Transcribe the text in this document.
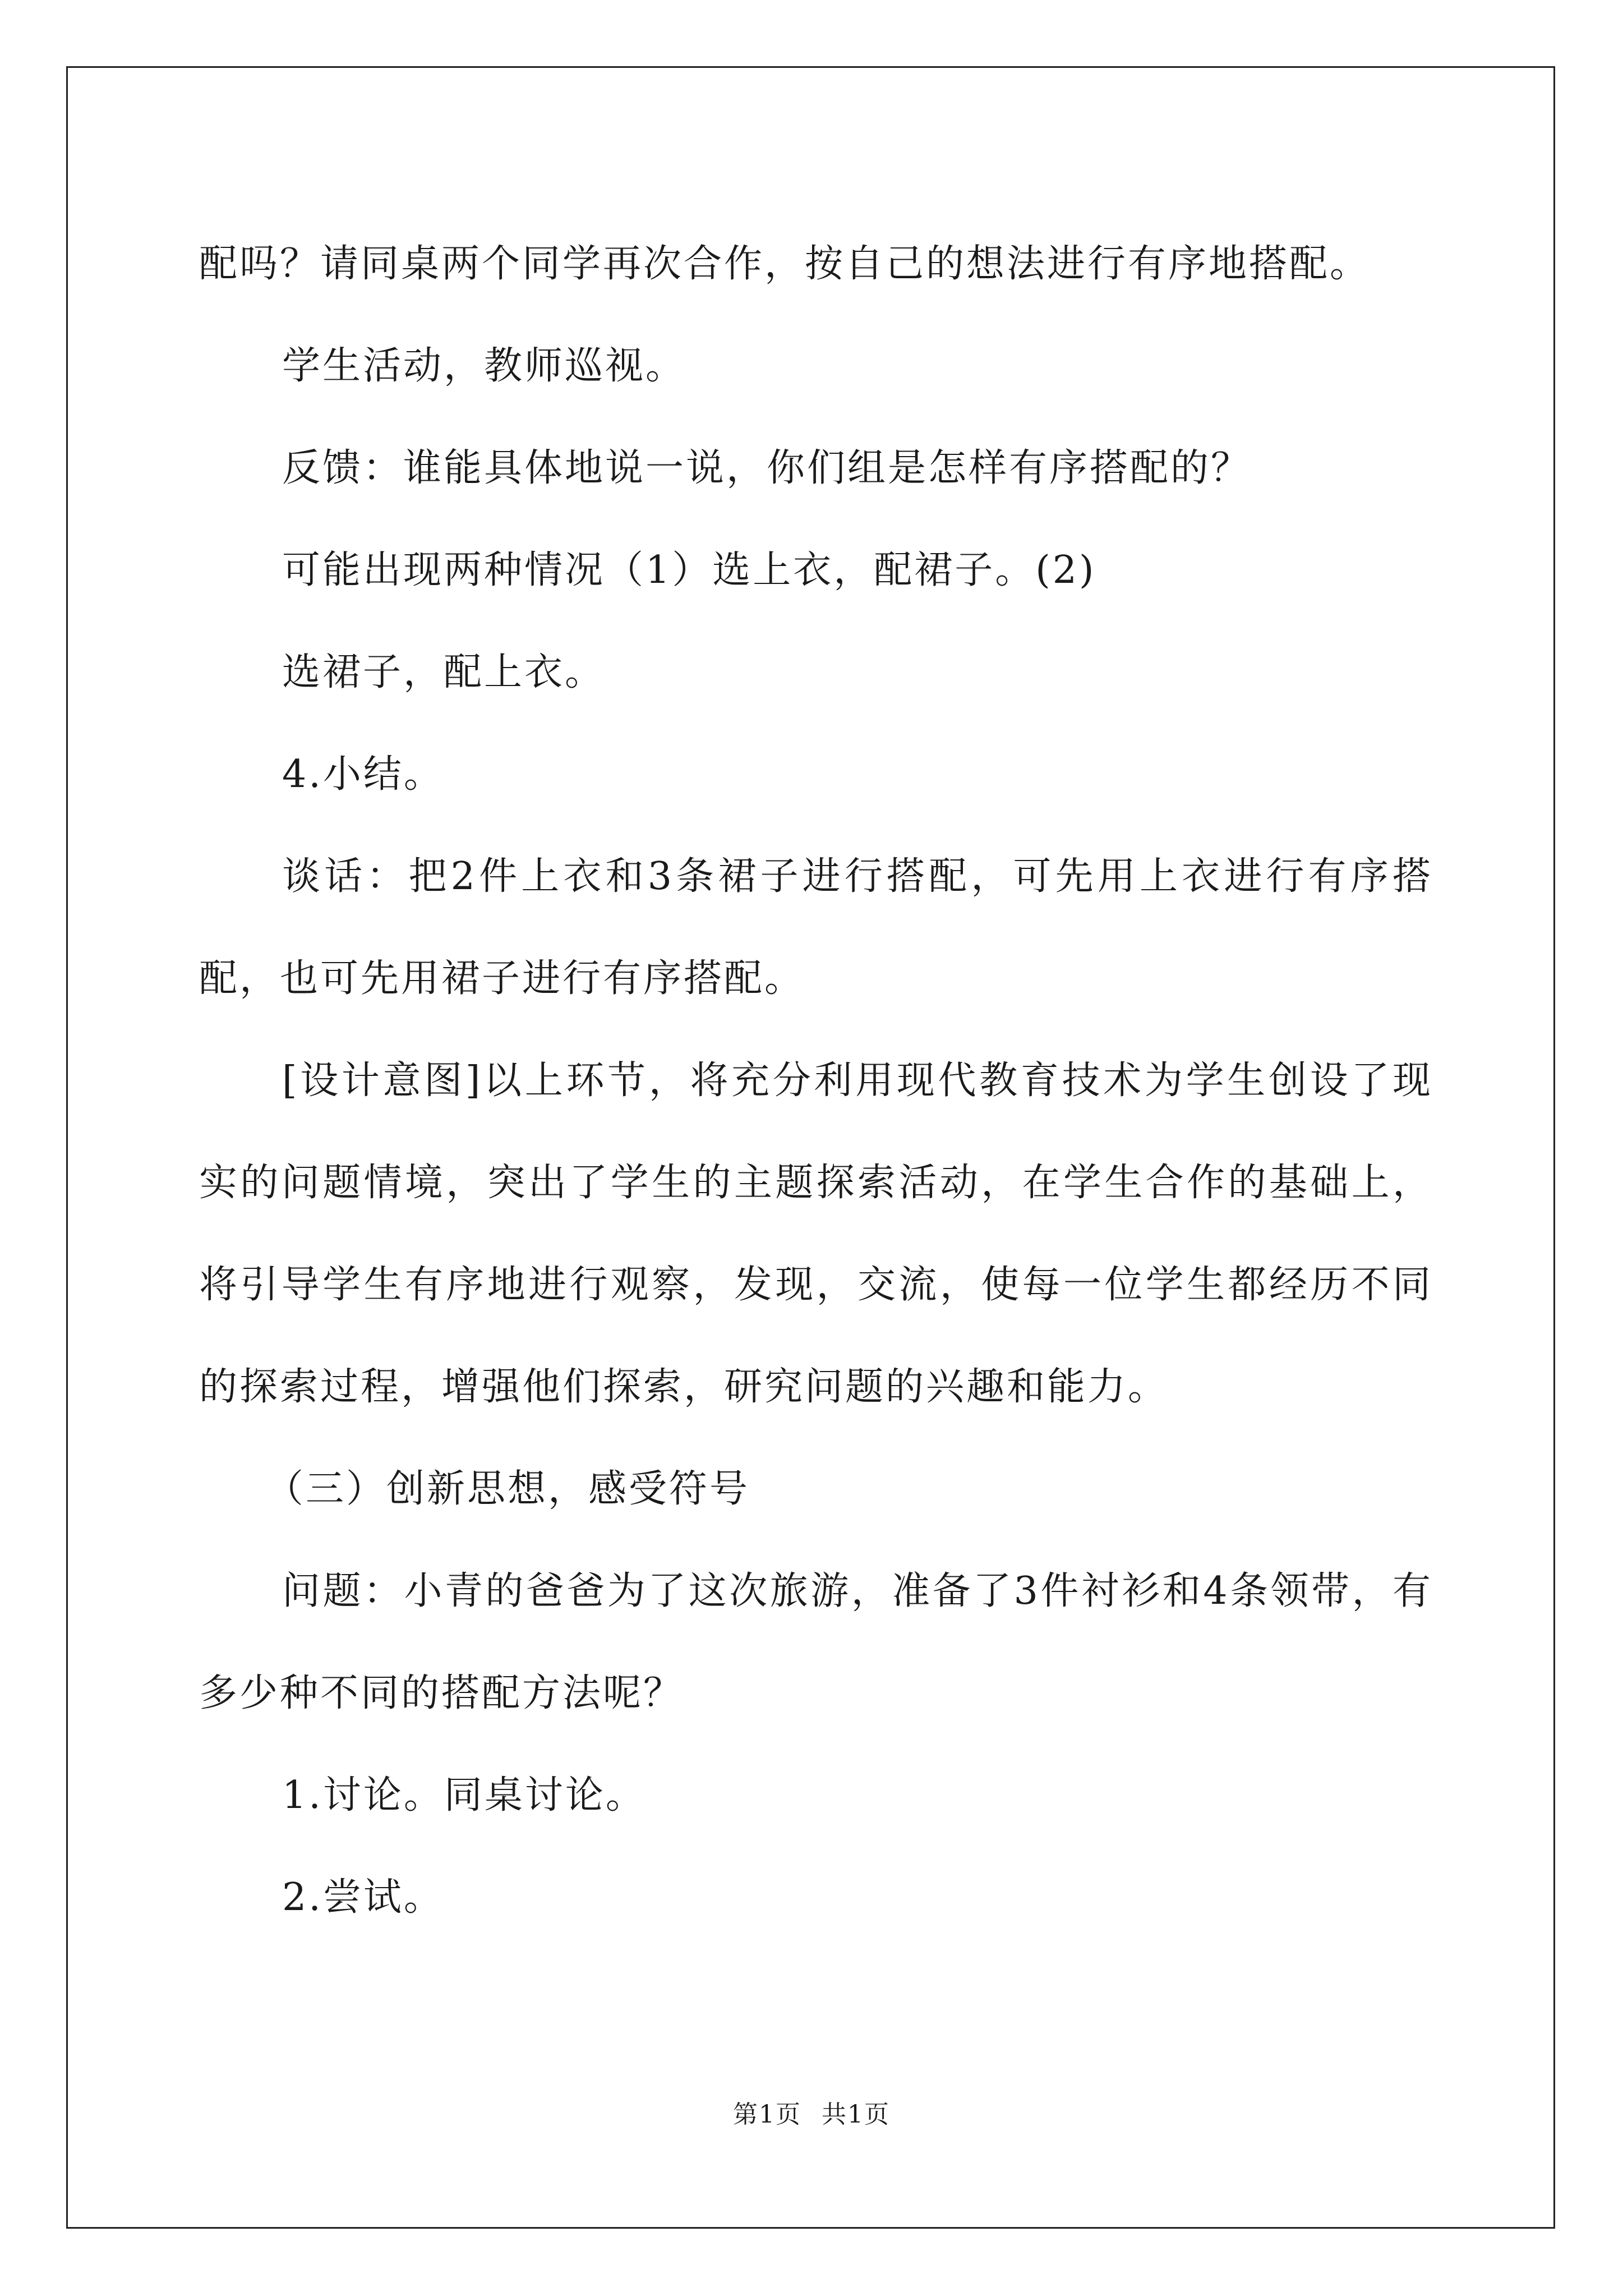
配吗？请同桌两个同学再次合作，按自己的想法进行有序地搭配。

学生活动，教师巡视。

反馈：谁能具体地说一说，你们组是怎样有序搭配的？

可能出现两种情况（1）选上衣，配裙子。(2)

选裙子，配上衣。

4.小结。

谈话：把2件上衣和3条裙子进行搭配，可先用上衣进行有序搭配，也可先用裙子进行有序搭配。

[设计意图]以上环节，将充分利用现代教育技术为学生创设了现实的问题情境，突出了学生的主题探索活动，在学生合作的基础上，将引导学生有序地进行观察，发现，交流，使每一位学生都经历不同的探索过程，增强他们探索，研究问题的兴趣和能力。

（三）创新思想，感受符号

问题：小青的爸爸为了这次旅游，准备了3件衬衫和4条领带，有多少种不同的搭配方法呢？

1.讨论。同桌讨论。

2.尝试。

第1页 共1页
